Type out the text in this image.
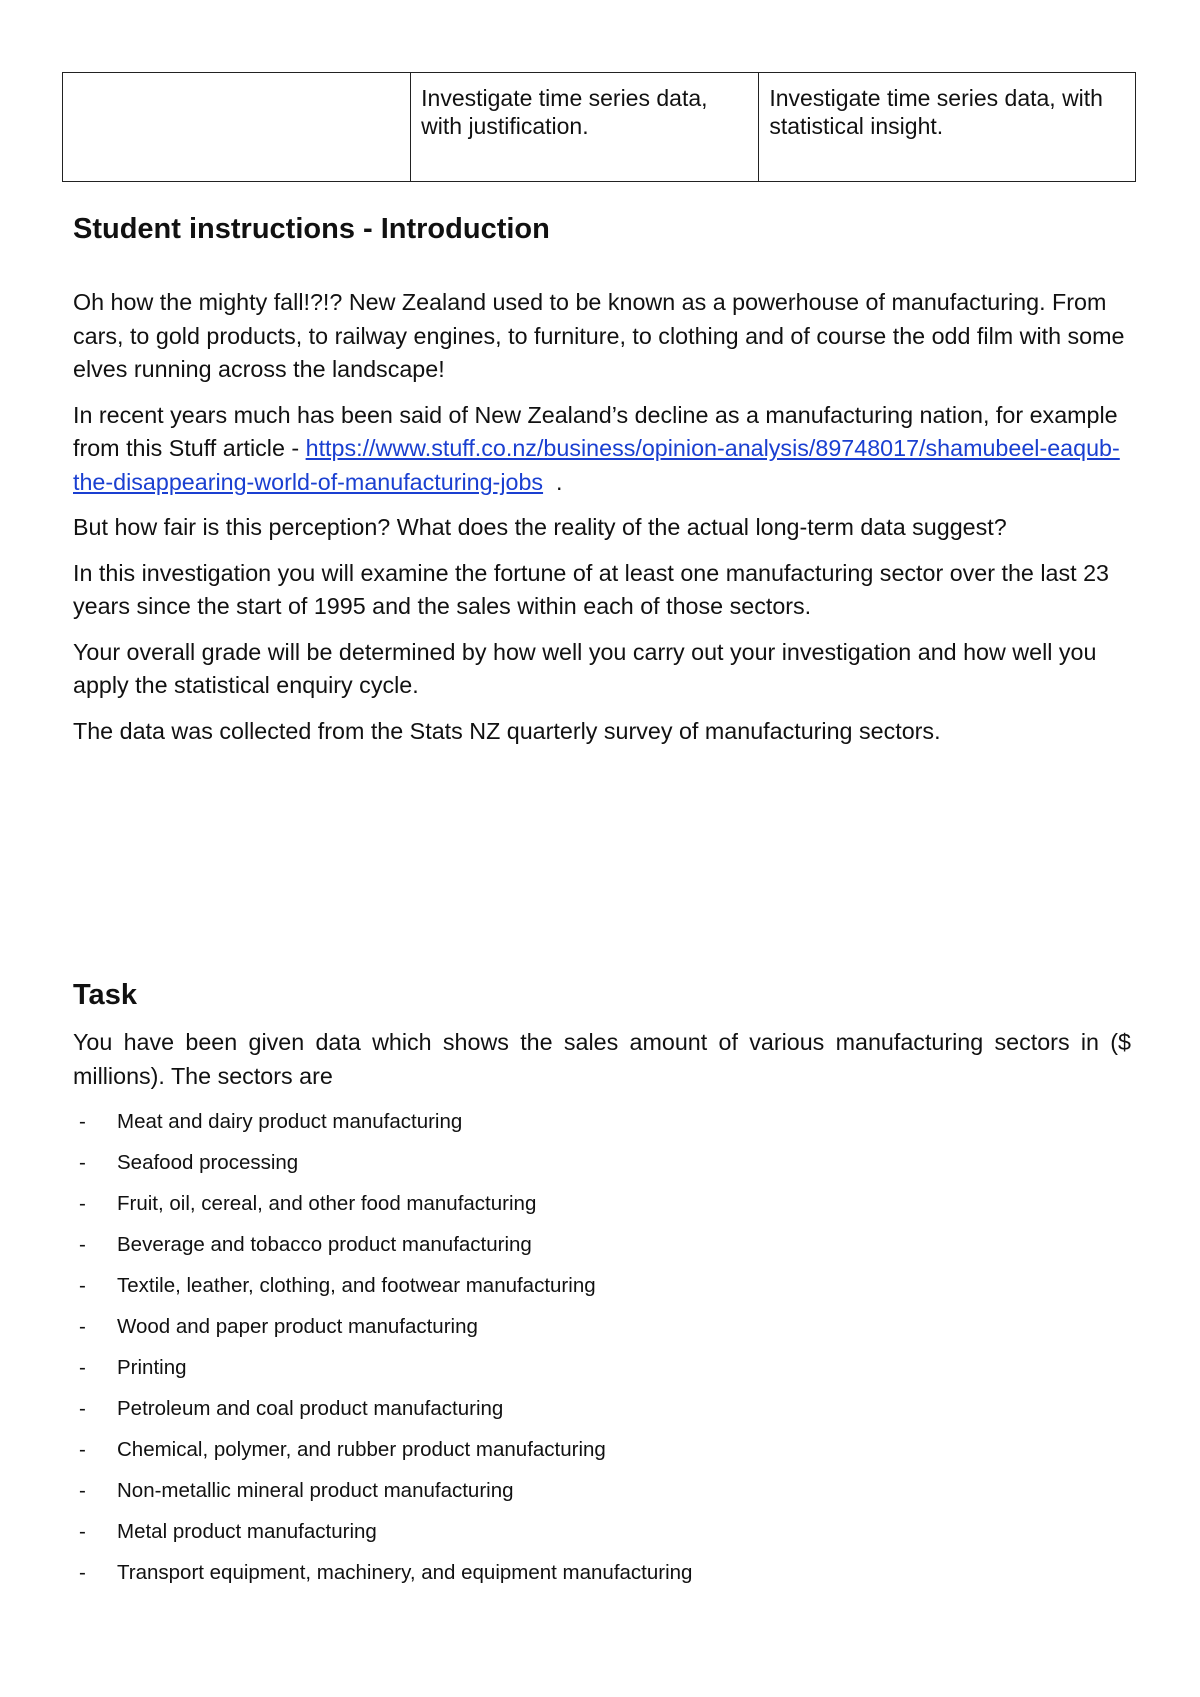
	Investigate time series data, with justification.	Investigate time series data, with statistical insight.
Student instructions - Introduction

Oh how the mighty fall!?!? New Zealand used to be known as a powerhouse of manufacturing. From cars, to gold products, to railway engines, to furniture, to clothing and of course the odd film with some elves running across the landscape!

In recent years much has been said of New Zealand’s decline as a manufacturing nation, for example from this Stuff article - https://www.stuff.co.nz/business/opinion-analysis/89748017/shamubeel-eaqub-the-disappearing-world-of-manufacturing-jobs  .

But how fair is this perception? What does the reality of the actual long-term data suggest?

In this investigation you will examine the fortune of at least one manufacturing sector over the last 23 years since the start of 1995 and the sales within each of those sectors.

Your overall grade will be determined by how well you carry out your investigation and how well you apply the statistical enquiry cycle.

The data was collected from the Stats NZ quarterly survey of manufacturing sectors.

Task

You have been given data which shows the sales amount of various manufacturing sectors in ($ millions). The sectors are

- Meat and dairy product manufacturing
- Seafood processing
- Fruit, oil, cereal, and other food manufacturing
- Beverage and tobacco product manufacturing
- Textile, leather, clothing, and footwear manufacturing
- Wood and paper product manufacturing
- Printing
- Petroleum and coal product manufacturing
- Chemical, polymer, and rubber product manufacturing
- Non-metallic mineral product manufacturing
- Metal product manufacturing
- Transport equipment, machinery, and equipment manufacturing
